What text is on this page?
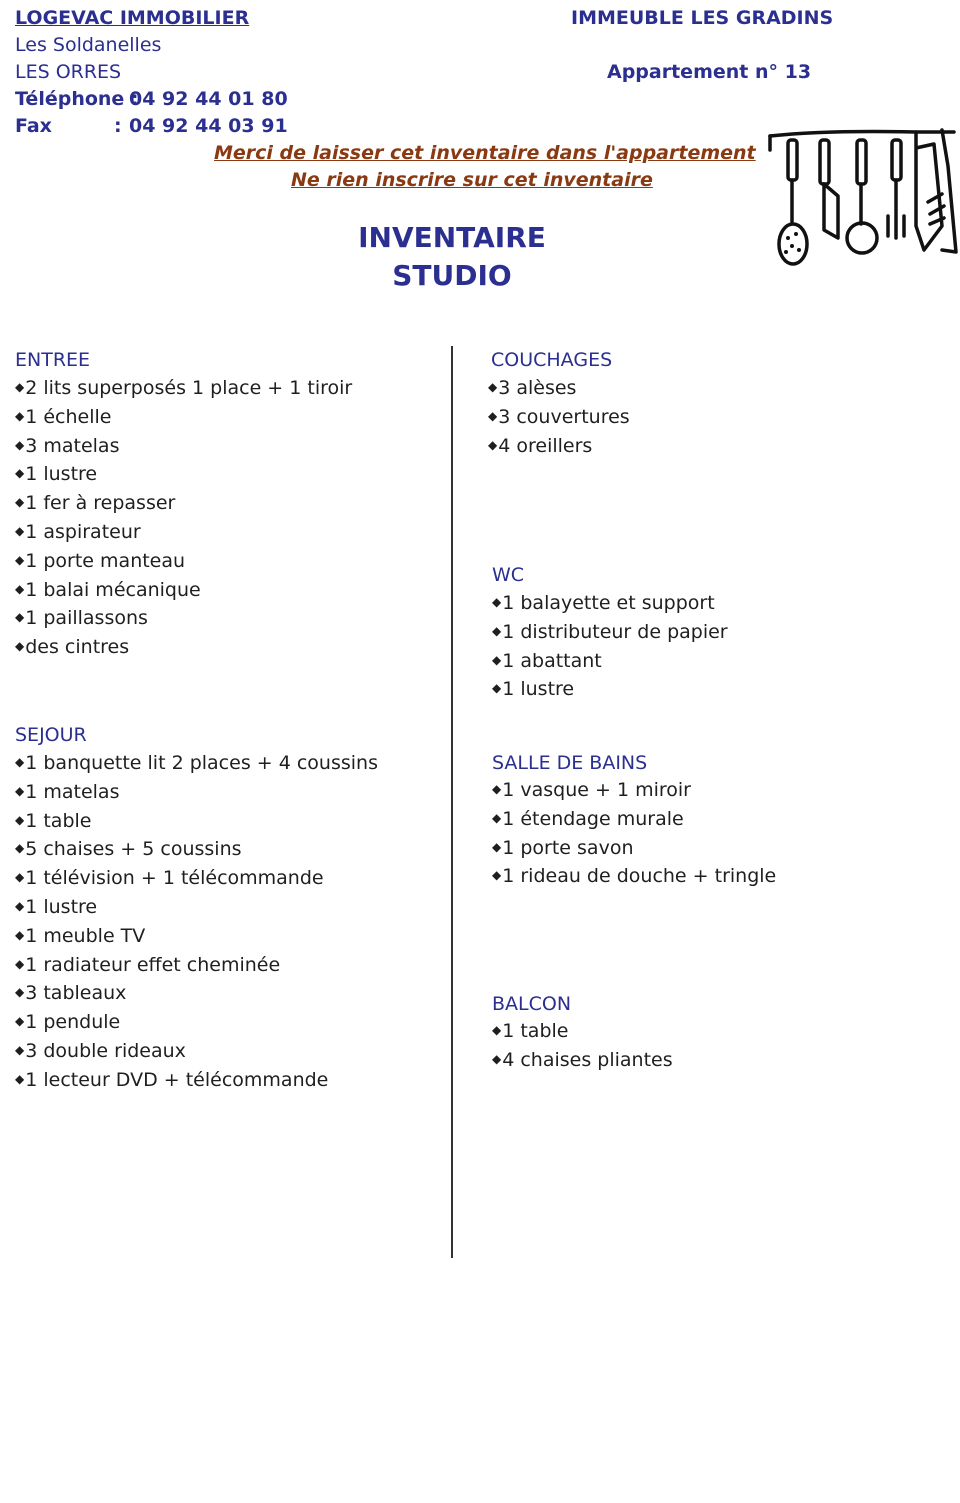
LOGEVAC IMMOBILIER
Les Soldanelles
LES ORRES
Téléphone :
04 92 44 01 80
Fax	: 04 92 44 03 91
IMMEUBLE LES GRADINS
Appartement n° 13
Merci de laisser cet inventaire dans l'appartement
Ne rien inscrire sur cet inventaire
INVENTAIRE
STUDIO
ENTREE
◆2 lits superposés 1 place + 1 tiroir
◆1 échelle
◆3 matelas
◆1 lustre
◆1 fer à repasser
◆1 aspirateur
◆1 porte manteau
◆1 balai mécanique
◆1 paillassons
◆des cintres
SEJOUR
◆1 banquette lit 2 places + 4 coussins
◆1 matelas
◆1 table
◆5 chaises + 5 coussins
◆1 télévision + 1 télécommande
◆1 lustre
◆1 meuble TV
◆1 radiateur effet cheminée
◆3 tableaux
◆1 pendule
◆3 double rideaux
◆1 lecteur DVD + télécommande
COUCHAGES
◆3 alèses
◆3 couvertures
◆4 oreillers
WC
◆1 balayette et support
◆1 distributeur de papier
◆1 abattant
◆1 lustre
SALLE DE BAINS
◆1 vasque + 1 miroir
◆1 étendage murale
◆1 porte savon
◆1 rideau de douche + tringle
BALCON
◆1 table
◆4 chaises pliantes
